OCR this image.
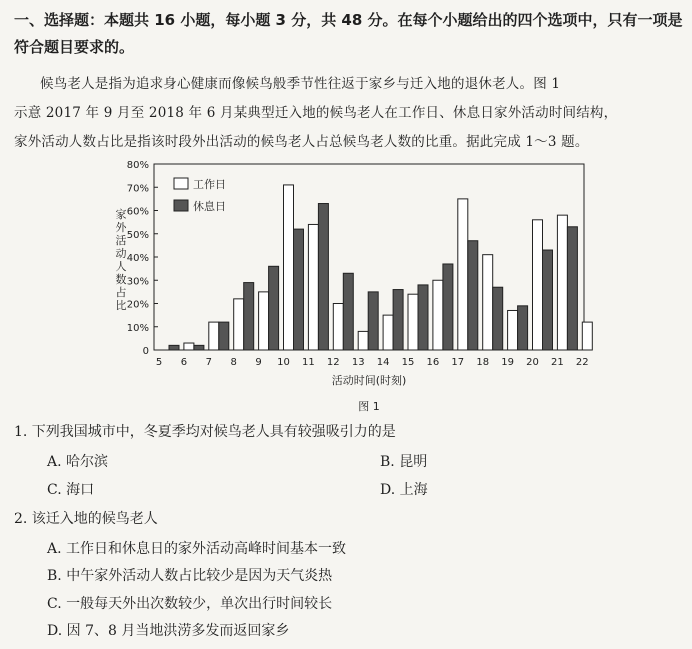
一、选择题：本题共 16 小题，每小题 3 分，共 48 分。在每个小题给出的四个选项中，只有一项是
符合题目要求的。
候鸟老人是指为追求身心健康而像候鸟般季节性往返于家乡与迁入地的退休老人。图 1
示意 2017 年 9 月至 2018 年 6 月某典型迁入地的候鸟老人在工作日、休息日家外活动时间结构，
家外活动人数占比是指该时段外出活动的候鸟老人占总候鸟老人数的比重。据此完成 1～3 题。
0
10%
20%
30%
40%
50%
60%
70%
80%
5 6 7 8 9 10 11 12 13 14 15 16 17 18 19 20 21 22
工作日
休息日
家
外
活
动
人
数
占
比
活动时间(时刻)
图 1
1. 下列我国城市中，冬夏季均对候鸟老人具有较强吸引力的是
A. 哈尔滨	B. 昆明
C. 海口	D. 上海
2. 该迁入地的候鸟老人
A. 工作日和休息日的家外活动高峰时间基本一致
B. 中午家外活动人数占比较少是因为天气炎热
C. 一般每天外出次数较少，单次出行时间较长
D. 因 7、8 月当地洪涝多发而返回家乡
